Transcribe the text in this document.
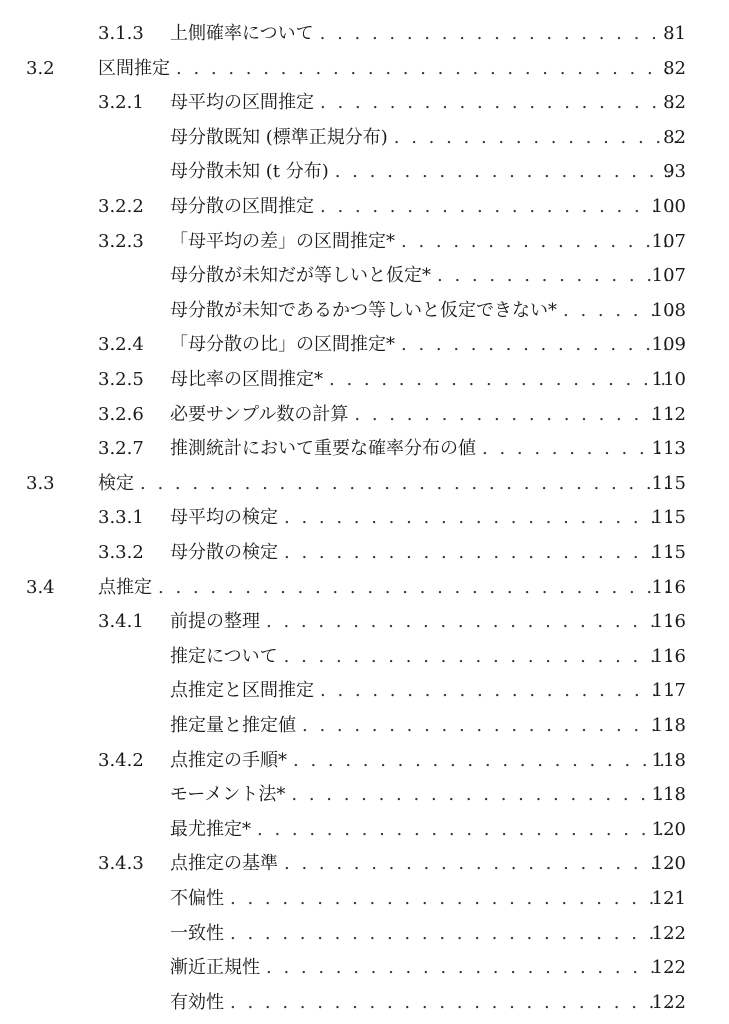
3.1.3 上側確率について . . .	81
3.2 区間推定 . . .	82
3.2.1 母平均の区間推定 . . .	82
母分散既知 (標準正規分布) . . .	82
母分散未知 (t 分布) . . .	93
3.2.2 母分散の区間推定 . . .	100
3.2.3 「母平均の差」の区間推定* . . .	107
母分散が未知だが等しいと仮定* . . .	107
母分散が未知であるかつ等しいと仮定できない* . . .	108
3.2.4 「母分散の比」の区間推定* . . .	109
3.2.5 母比率の区間推定* . . .	110
3.2.6 必要サンプル数の計算 . . .	112
3.2.7 推測統計において重要な確率分布の値 . . .	113
3.3 検定 . . .	115
3.3.1 母平均の検定 . . .	115
3.3.2 母分散の検定 . . .	115
3.4 点推定 . . .	116
3.4.1 前提の整理 . . .	116
推定について . . .	116
点推定と区間推定 . . .	117
推定量と推定値 . . .	118
3.4.2 点推定の手順* . . .	118
モーメント法* . . .	118
最尤推定* . . .	120
3.4.3 点推定の基準 . . .	120
不偏性 . . .	121
一致性 . . .	122
漸近正規性 . . .	122
有効性 . . .	122
